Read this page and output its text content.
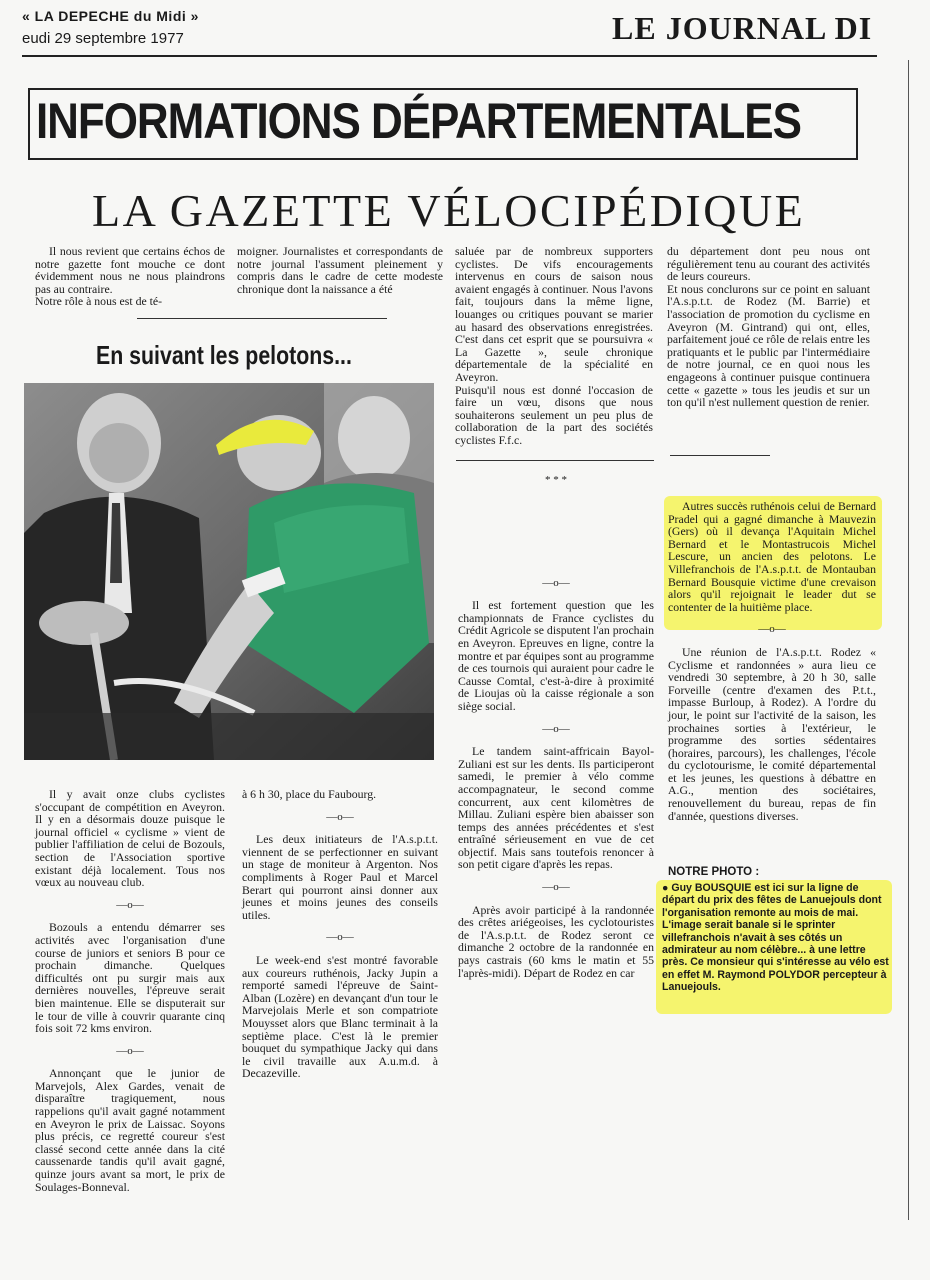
« LA DEPECHE du Midi »
eudi 29 septembre 1977	LE JOURNAL DI
INFORMATIONS DÉPARTEMENTALES
LA GAZETTE VÉLOCIPÉDIQUE

Il nous revient que certains échos de notre gazette font mouche ce dont évidemment nous ne nous plaindrons pas au contraire.
Notre rôle à nous est de té-

moigner. Journalistes et correspondants de notre journal l'assument pleinement y compris dans le cadre de cette modeste chronique dont la naissance a été

saluée par de nombreux supporters cyclistes. De vifs encouragements intervenus en cours de saison nous avaient engagés à continuer. Nous l'avons fait, toujours dans la même ligne, louanges ou critiques pouvant se marier au hasard des observations enregistrées. C'est dans cet esprit que se poursuivra « La Gazette », seule chronique départementale de la spécialité en Aveyron.
Puisqu'il nous est donné l'occasion de faire un vœu, disons que nous souhaiterons seulement un peu plus de collaboration de la part des sociétés cyclistes F.f.c.

du département dont peu nous ont régulièrement tenu au courant des activités de leurs coureurs.
Et nous conclurons sur ce point en saluant l'A.s.p.t.t. de Rodez (M. Barrie) et l'association de promotion du cyclisme en Aveyron (M. Gintrand) qui ont, elles, parfaitement joué ce rôle de relais entre les pratiquants et le public par l'intermédiaire de notre journal, ce en quoi nous les engageons à continuer puisque continuera cette « gazette » tous les jeudis et sur un ton qu'il n'est nullement question de renier.

En suivant les pelotons...

Il y avait onze clubs cyclistes s'occupant de compétition en Aveyron. Il y en a désormais douze puisque le journal officiel « cyclisme » vient de publier l'affiliation de celui de Bozouls, section de l'Association sportive existant déjà localement. Tous nos vœux au nouveau club.

—o—

Bozouls a entendu démarrer ses activités avec l'organisation d'une course de juniors et seniors B pour ce prochain dimanche. Quelques difficultés ont pu surgir mais aux dernières nouvelles, l'épreuve serait bien maintenue. Elle se disputerait sur le tour de ville à couvrir quarante cinq fois soit 72 kms environ.

—o—

Annonçant que le junior de Marvejols, Alex Gardes, venait de disparaître tragiquement, nous rappelions qu'il avait gagné notamment en Aveyron le prix de Laissac. Soyons plus précis, ce regretté coureur s'est classé second cette année dans la cité caussenarde tandis qu'il avait gagné, quinze jours avant sa mort, le prix de Soulages-Bonneval.

à 6 h 30, place du Faubourg.

—o—

Les deux initiateurs de l'A.s.p.t.t. viennent de se perfectionner en suivant un stage de moniteur à Argenton. Nos compliments à Roger Paul et Marcel Berart qui pourront ainsi donner aux jeunes et moins jeunes des conseils utiles.

—o—

Le week-end s'est montré favorable aux coureurs ruthénois, Jacky Jupin a remporté samedi l'épreuve de Saint-Alban (Lozère) en devançant d'un tour le Marvejolais Merle et son compatriote Mouysset alors que Blanc terminait à la septième place. C'est là le premier bouquet du sympathique Jacky qui dans le civil travaille aux A.u.m.d. à Decazeville.

* * *
—o—

Il est fortement question que les championnats de France cyclistes du Crédit Agricole se disputent l'an prochain en Aveyron. Epreuves en ligne, contre la montre et par équipes sont au programme de ces tournois qui auraient pour cadre le Causse Comtal, c'est-à-dire à proximité de Lioujas où la caisse régionale a son siège social.

—o—

Le tandem saint-affricain Bayol-Zuliani est sur les dents. Ils participeront samedi, le premier à vélo comme accompagnateur, le second comme concurrent, aux cent kilomètres de Millau. Zuliani espère bien abaisser son temps des années précédentes et s'est entraîné sérieusement en vue de cet objectif. Mais sans toutefois renoncer à son petit cigare d'après les repas.

—o—

Après avoir participé à la randonnée des crêtes ariégeoises, les cyclotouristes de l'A.s.p.t.t. de Rodez seront ce dimanche 2 octobre de la randonnée en pays castrais (60 kms le matin et 55 l'après-midi). Départ de Rodez en car

Autres succès ruthénois celui de Bernard Pradel qui a gagné dimanche à Mauvezin (Gers) où il devança l'Aquitain Michel Bernard et le Montastrucois Michel Lescure, un ancien des pelotons. Le Villefranchois de l'A.s.p.t.t. de Montauban Bernard Bousquie victime d'une crevaison alors qu'il rejoignait le leader dut se contenter de la huitième place.

—o—

Une réunion de l'A.s.p.t.t. Rodez « Cyclisme et randonnées » aura lieu ce vendredi 30 septembre, à 20 h 30, salle Forveille (centre d'examen des P.t.t., impasse Burloup, à Rodez). A l'ordre du jour, le point sur l'activité de la saison, les prochaines sorties à l'extérieur, le programme des sorties sédentaires (horaires, parcours), les challenges, l'école du cyclotourisme, le comité départemental et les jeunes, les questions à débattre en A.G., mention des sociétaires, renouvellement du bureau, repas de fin d'année, questions diverses.

NOTRE PHOTO :
● Guy BOUSQUIE est ici sur la ligne de départ du prix des fêtes de Lanuejouls dont l'organisation remonte au mois de mai. L'image serait banale si le sprinter villefranchois n'avait à ses côtés un admirateur au nom célèbre... à une lettre près. Ce monsieur qui s'intéresse au vélo est en effet M. Raymond POLYDOR percepteur à Lanuejouls.
